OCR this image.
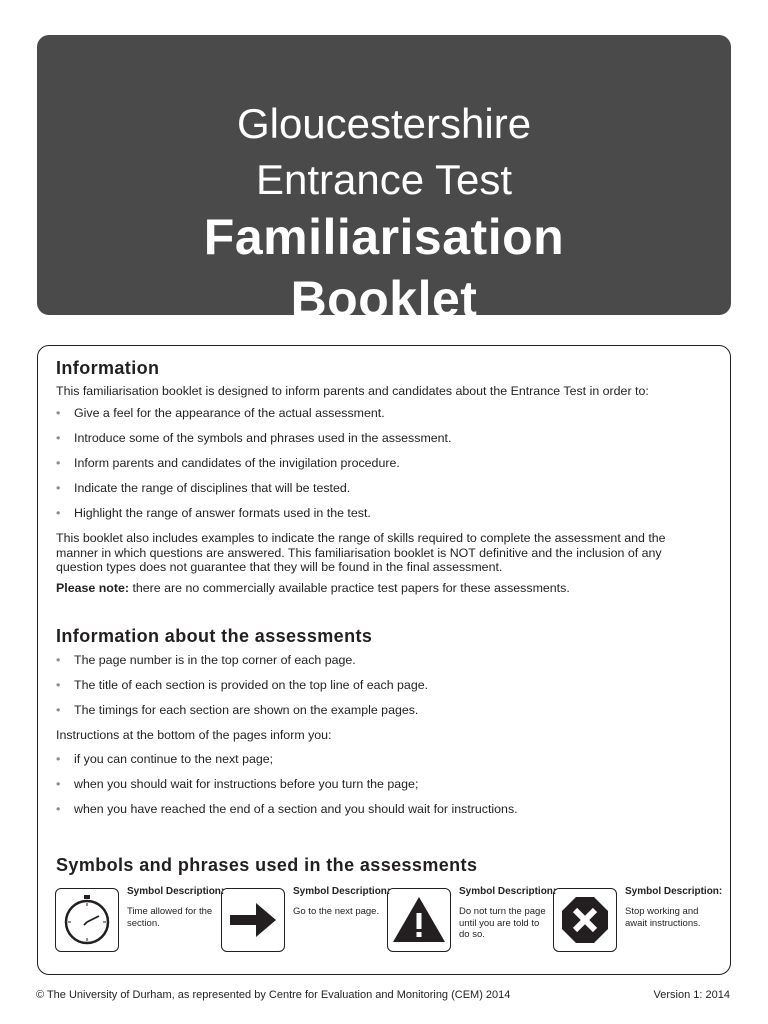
Gloucestershire
Entrance Test
Familiarisation
Booklet
Information
This familiarisation booklet is designed to inform parents and candidates about the Entrance Test in order to:
• Give a feel for the appearance of the actual assessment.
• Introduce some of the symbols and phrases used in the assessment.
• Inform parents and candidates of the invigilation procedure.
• Indicate the range of disciplines that will be tested.
• Highlight the range of answer formats used in the test.
This booklet also includes examples to indicate the range of skills required to complete the assessment and the manner in which questions are answered. This familiarisation booklet is NOT definitive and the inclusion of any question types does not guarantee that they will be found in the final assessment.
Please note: there are no commercially available practice test papers for these assessments.
Information about the assessments
• The page number is in the top corner of each page.
• The title of each section is provided on the top line of each page.
• The timings for each section are shown on the example pages.
Instructions at the bottom of the pages inform you:
• if you can continue to the next page;
• when you should wait for instructions before you turn the page;
• when you have reached the end of a section and you should wait for instructions.
Symbols and phrases used in the assessments
Symbol Description:
Time allowed for the section.
Symbol Description:
Go to the next page.
Symbol Description:
Do not turn the page until you are told to do so.
Symbol Description:
Stop working and await instructions.
© The University of Durham, as represented by Centre for Evaluation and Monitoring (CEM) 2014	Version 1: 2014
